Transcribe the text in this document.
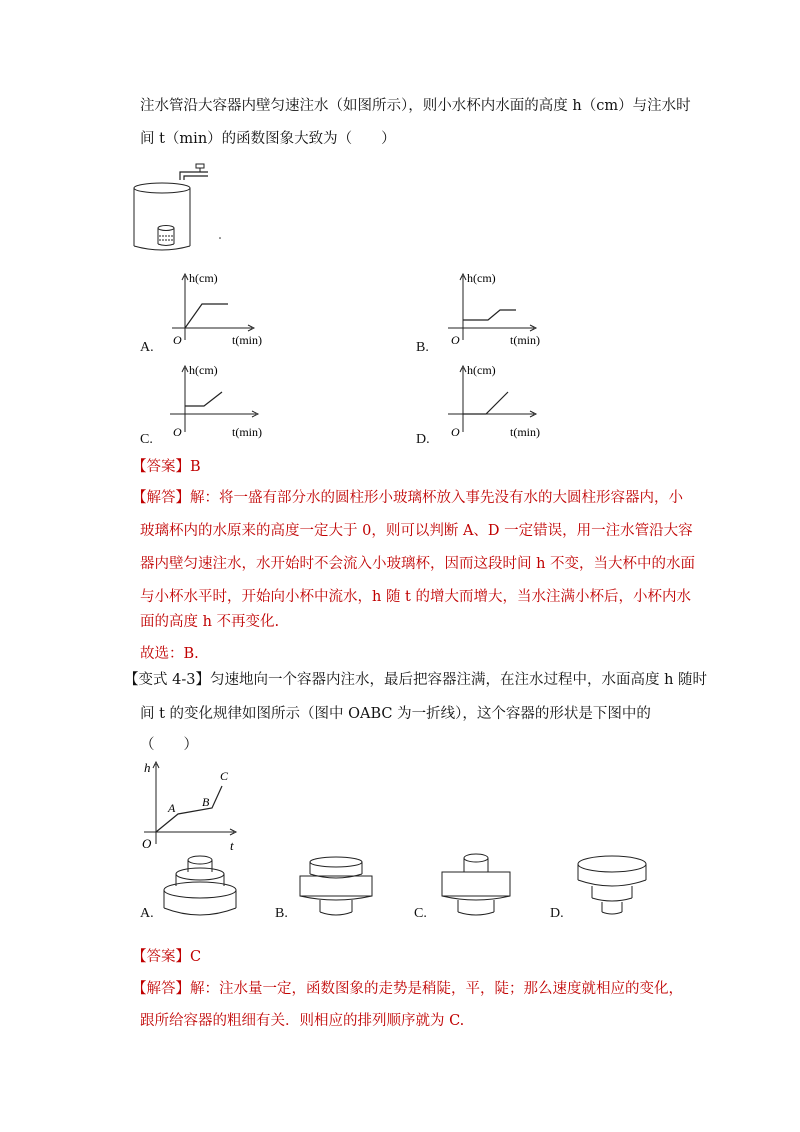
注水管沿大容器内壁匀速注水（如图所示），则小水杯内水面的高度 h（cm）与注水时
间 t（min）的函数图象大致为（　　）
A.
h(cm)
O	t(min)	B.
h(cm)
O	t(min)
C.
h(cm)
O	t(min)	D.
h(cm)
O	t(min)
【答案】B
【解答】解：将一盛有部分水的圆柱形小玻璃杯放入事先没有水的大圆柱形容器内，小
玻璃杯内的水原来的高度一定大于 0，则可以判断 A、D 一定错误，用一注水管沿大容
器内壁匀速注水，水开始时不会流入小玻璃杯，因而这段时间 h 不变，当大杯中的水面
与小杯水平时，开始向小杯中流水，h 随 t 的增大而增大，当水注满小杯后，小杯内水
面的高度 h 不再变化.
故选：B.
【变式 4-3】匀速地向一个容器内注水，最后把容器注满，在注水过程中，水面高度 h 随时
间 t 的变化规律如图所示（图中 OABC 为一折线），这个容器的形状是下图中的
（　　）
h
t
O
A B
C
A.	B.	C.	D.
【答案】C
【解答】解：注水量一定，函数图象的走势是稍陡，平，陡；那么速度就相应的变化，
跟所给容器的粗细有关．则相应的排列顺序就为 C.
